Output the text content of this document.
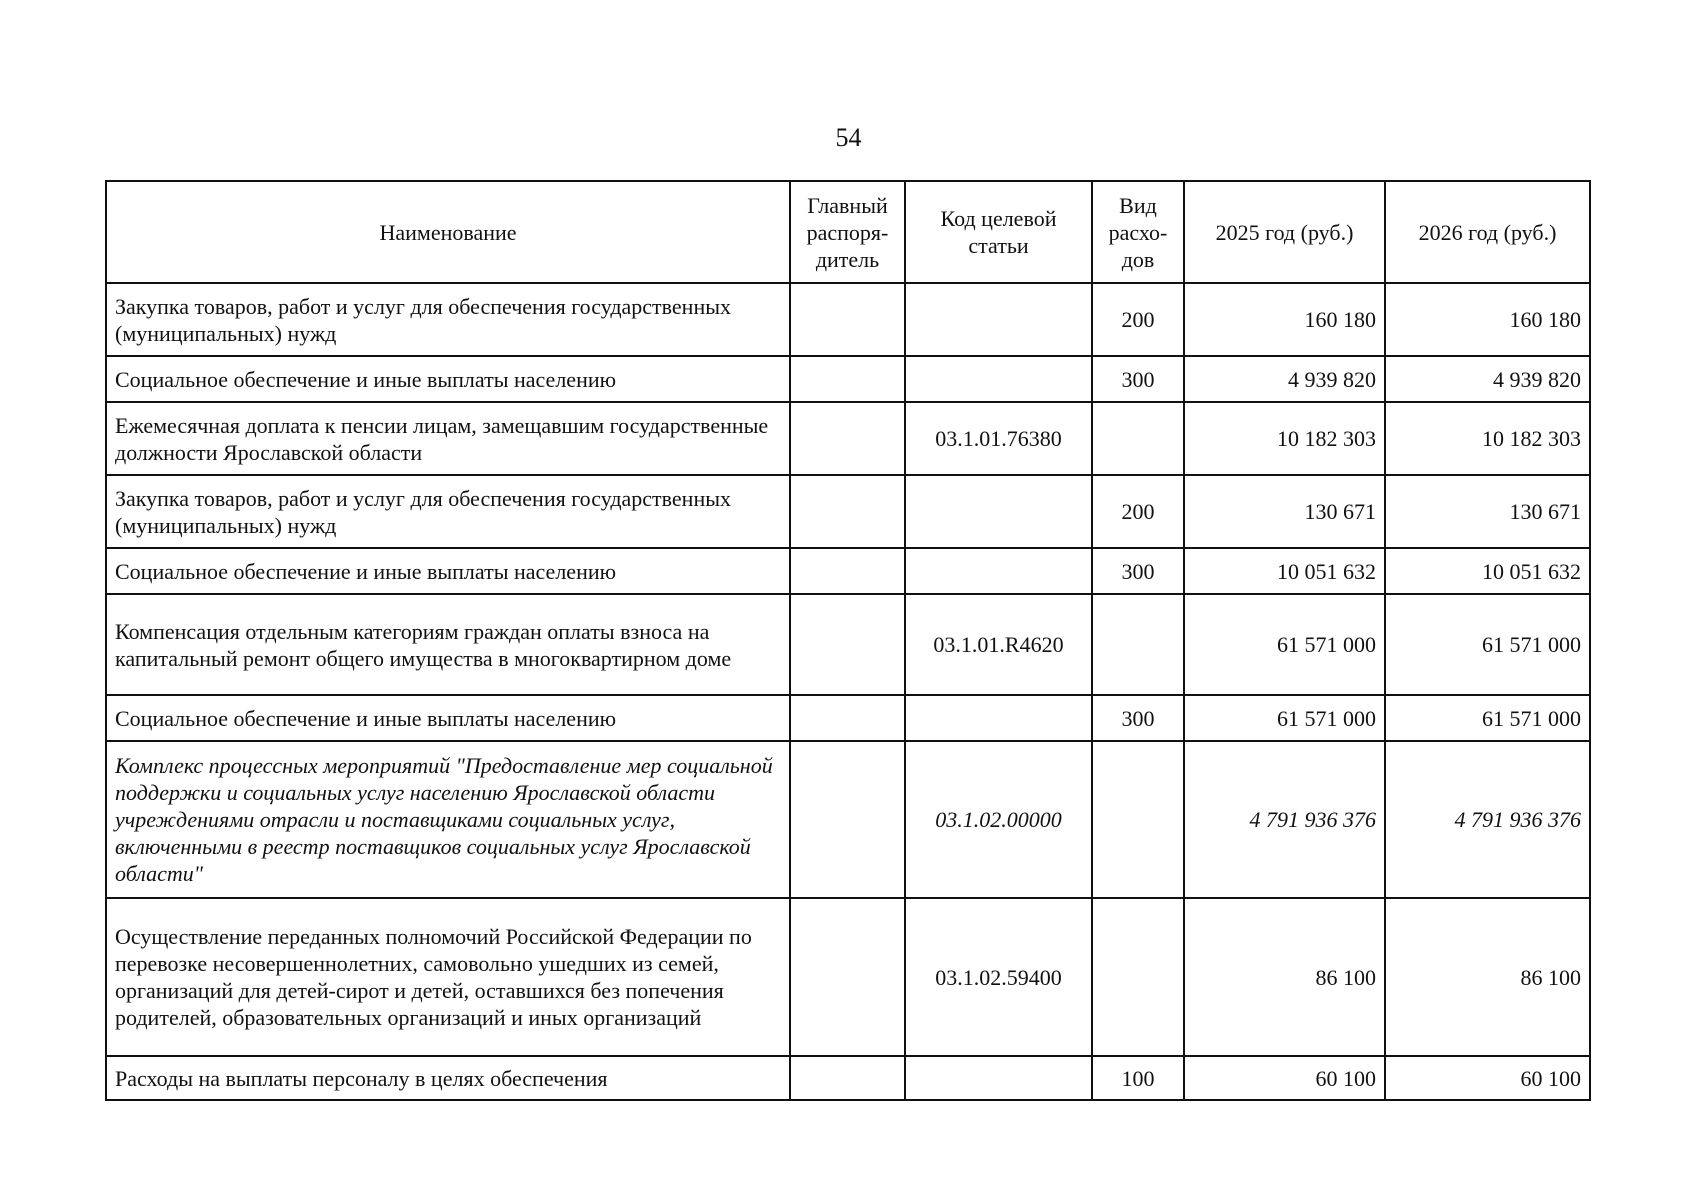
54
Наименование	Главный распоря-дитель	Код целевой статьи	Вид расхо-дов	2025 год (руб.)	2026 год (руб.)
Закупка товаров, работ и услуг для обеспечения государственных (муниципальных) нужд			200	160 180	160 180
Социальное обеспечение и иные выплаты населению			300	4 939 820	4 939 820
Ежемесячная доплата к пенсии лицам, замещавшим государственные должности Ярославской области		03.1.01.76380		10 182 303	10 182 303
Закупка товаров, работ и услуг для обеспечения государственных (муниципальных) нужд			200	130 671	130 671
Социальное обеспечение и иные выплаты населению			300	10 051 632	10 051 632
Компенсация отдельным категориям граждан оплаты взноса на капитальный ремонт общего имущества в многоквартирном доме		03.1.01.R4620		61 571 000	61 571 000
Социальное обеспечение и иные выплаты населению			300	61 571 000	61 571 000
Комплекс процессных мероприятий "Предоставление мер социальной поддержки и социальных услуг населению Ярославской области учреждениями отрасли и поставщиками социальных услуг, включенными в реестр поставщиков социальных услуг Ярославской области"		03.1.02.00000		4 791 936 376	4 791 936 376
Осуществление переданных полномочий Российской Федерации по перевозке несовершеннолетних, самовольно ушедших из семей, организаций для детей-сирот и детей, оставшихся без попечения родителей, образовательных организаций и иных организаций		03.1.02.59400		86 100	86 100
Расходы на выплаты персоналу в целях обеспечения			100	60 100	60 100
